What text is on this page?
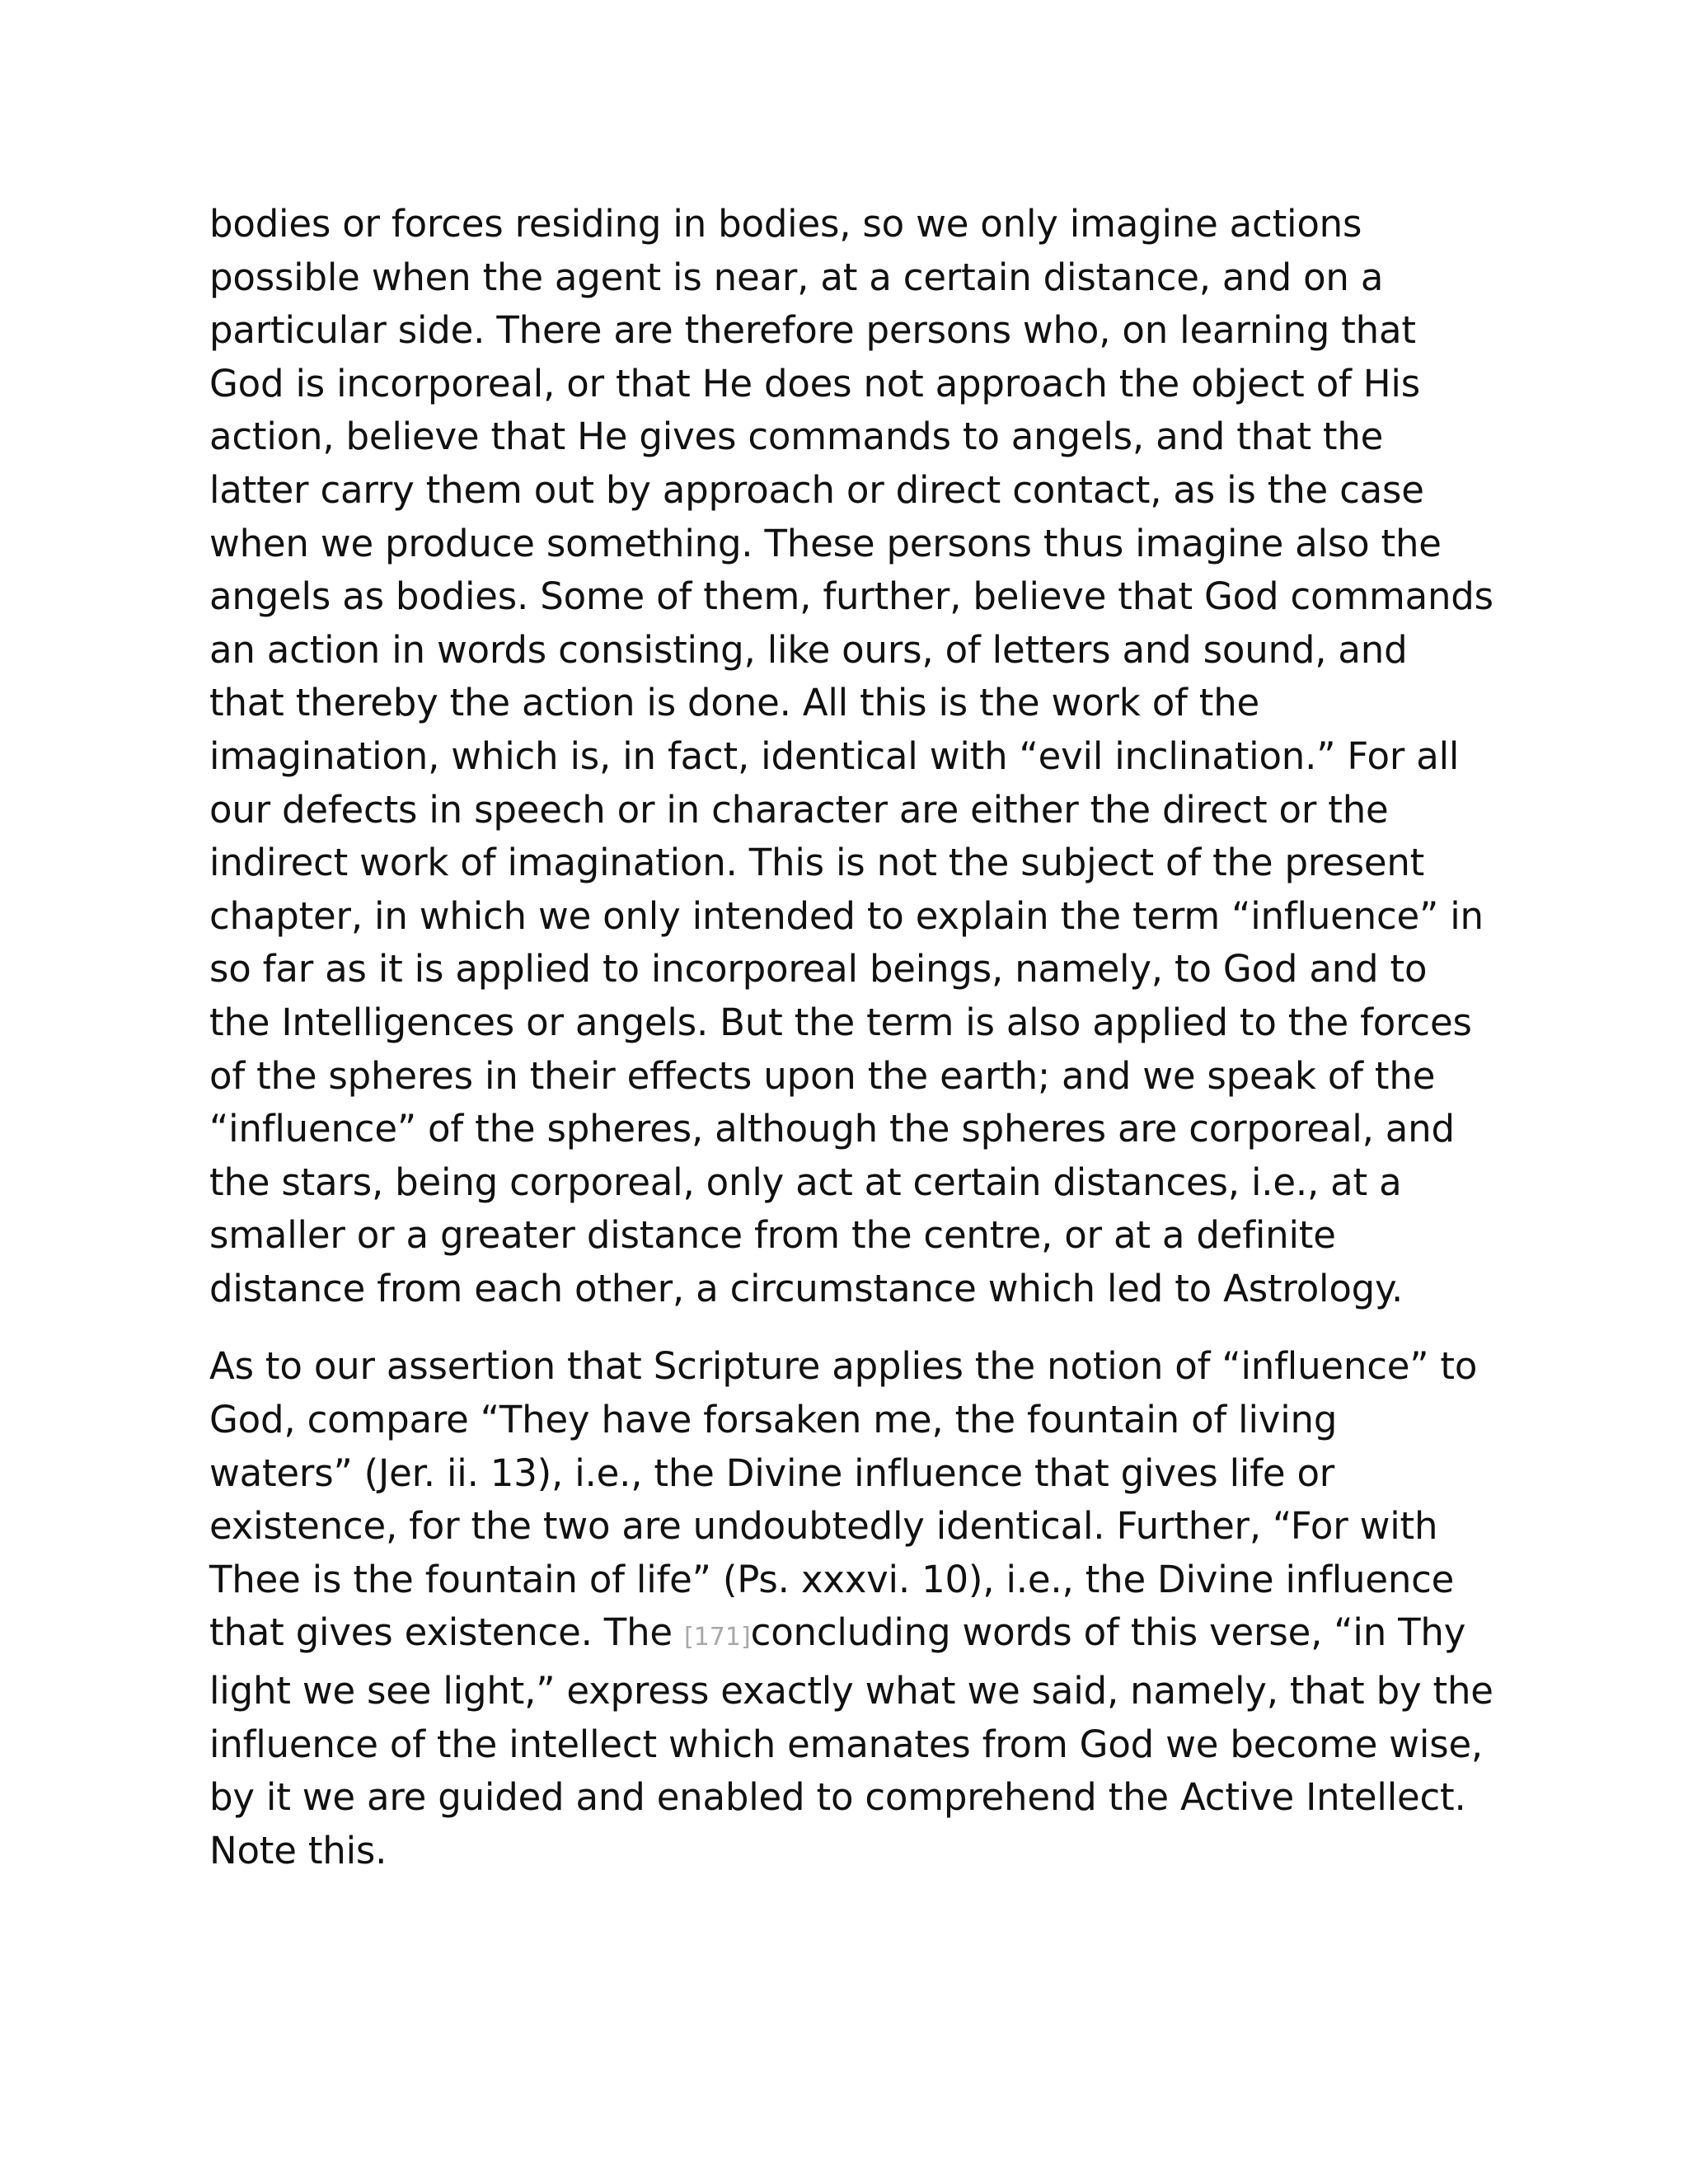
bodies or forces residing in bodies, so we only imagine actions
possible when the agent is near, at a certain distance, and on a
particular side. There are therefore persons who, on learning that
God is incorporeal, or that He does not approach the object of His
action, believe that He gives commands to angels, and that the
latter carry them out by approach or direct contact, as is the case
when we produce something. These persons thus imagine also the
angels as bodies. Some of them, further, believe that God commands
an action in words consisting, like ours, of letters and sound, and
that thereby the action is done. All this is the work of the
imagination, which is, in fact, identical with “evil inclination.” For all
our defects in speech or in character are either the direct or the
indirect work of imagination. This is not the subject of the present
chapter, in which we only intended to explain the term “influence” in
so far as it is applied to incorporeal beings, namely, to God and to
the Intelligences or angels. But the term is also applied to the forces
of the spheres in their effects upon the earth; and we speak of the
“influence” of the spheres, although the spheres are corporeal, and
the stars, being corporeal, only act at certain distances, i.e., at a
smaller or a greater distance from the centre, or at a definite
distance from each other, a circumstance which led to Astrology.

As to our assertion that Scripture applies the notion of “influence” to
God, compare “They have forsaken me, the fountain of living
waters” (Jer. ii. 13), i.e., the Divine influence that gives life or
existence, for the two are undoubtedly identical. Further, “For with
Thee is the fountain of life” (Ps. xxxvi. 10), i.e., the Divine influence
that gives existence. The [171]concluding words of this verse, “in Thy
light we see light,” express exactly what we said, namely, that by the
influence of the intellect which emanates from God we become wise,
by it we are guided and enabled to comprehend the Active Intellect.
Note this.
